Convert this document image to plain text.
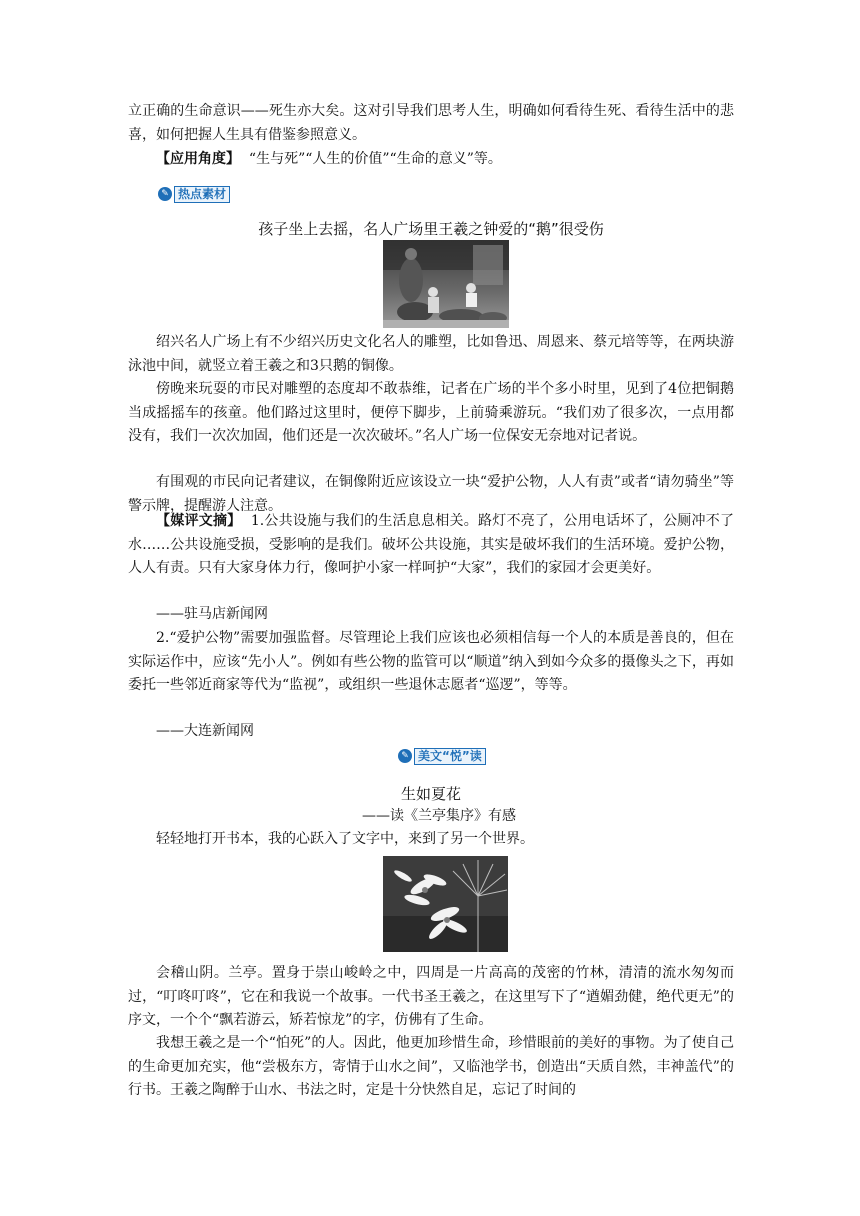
立正确的生命意识——死生亦大矣。这对引导我们思考人生，明确如何看待生死、看待生活中的悲喜，如何把握人生具有借鉴参照意义。

【应用角度】 “生与死”“人生的价值”“生命的意义”等。

✎ 热点素材
孩子坐上去摇，名人广场里王羲之钟爱的“鹅”很受伤

绍兴名人广场上有不少绍兴历史文化名人的雕塑，比如鲁迅、周恩来、蔡元培等等，在两块游泳池中间，就竖立着王羲之和3只鹅的铜像。

傍晚来玩耍的市民对雕塑的态度却不敢恭维，记者在广场的半个多小时里，见到了4位把铜鹅当成摇摇车的孩童。他们路过这里时，便停下脚步，上前骑乘游玩。“我们劝了很多次，一点用都没有，我们一次次加固，他们还是一次次破坏。”名人广场一位保安无奈地对记者说。

有围观的市民向记者建议，在铜像附近应该设立一块“爱护公物，人人有责”或者“请勿骑坐”等警示牌，提醒游人注意。

【媒评文摘】 1.公共设施与我们的生活息息相关。路灯不亮了，公用电话坏了，公厕冲不了水……公共设施受损，受影响的是我们。破坏公共设施，其实是破坏我们的生活环境。爱护公物，人人有责。只有大家身体力行，像呵护小家一样呵护“大家”，我们的家园才会更美好。

——驻马店新闻网

2.“爱护公物”需要加强监督。尽管理论上我们应该也必须相信每一个人的本质是善良的，但在实际运作中，应该“先小人”。例如有些公物的监管可以“顺道”纳入到如今众多的摄像头之下，再如委托一些邻近商家等代为“监视”，或组织一些退休志愿者“巡逻”，等等。

——大连新闻网

✎ 美文“悦”读
生如夏花
——读《兰亭集序》有感

轻轻地打开书本，我的心跃入了文字中，来到了另一个世界。

会稽山阴。兰亭。置身于崇山峻岭之中，四周是一片高高的茂密的竹林，清清的流水匆匆而过，“叮咚叮咚”，它在和我说一个故事。一代书圣王羲之，在这里写下了“遒媚劲健，绝代更无”的序文，一个个“飘若游云，矫若惊龙”的字，仿佛有了生命。

我想王羲之是一个“怕死”的人。因此，他更加珍惜生命，珍惜眼前的美好的事物。为了使自己的生命更加充实，他“尝极东方，寄情于山水之间”，又临池学书，创造出“天质自然，丰神盖代”的行书。王羲之陶醉于山水、书法之时，定是十分快然自足，忘记了时间的
